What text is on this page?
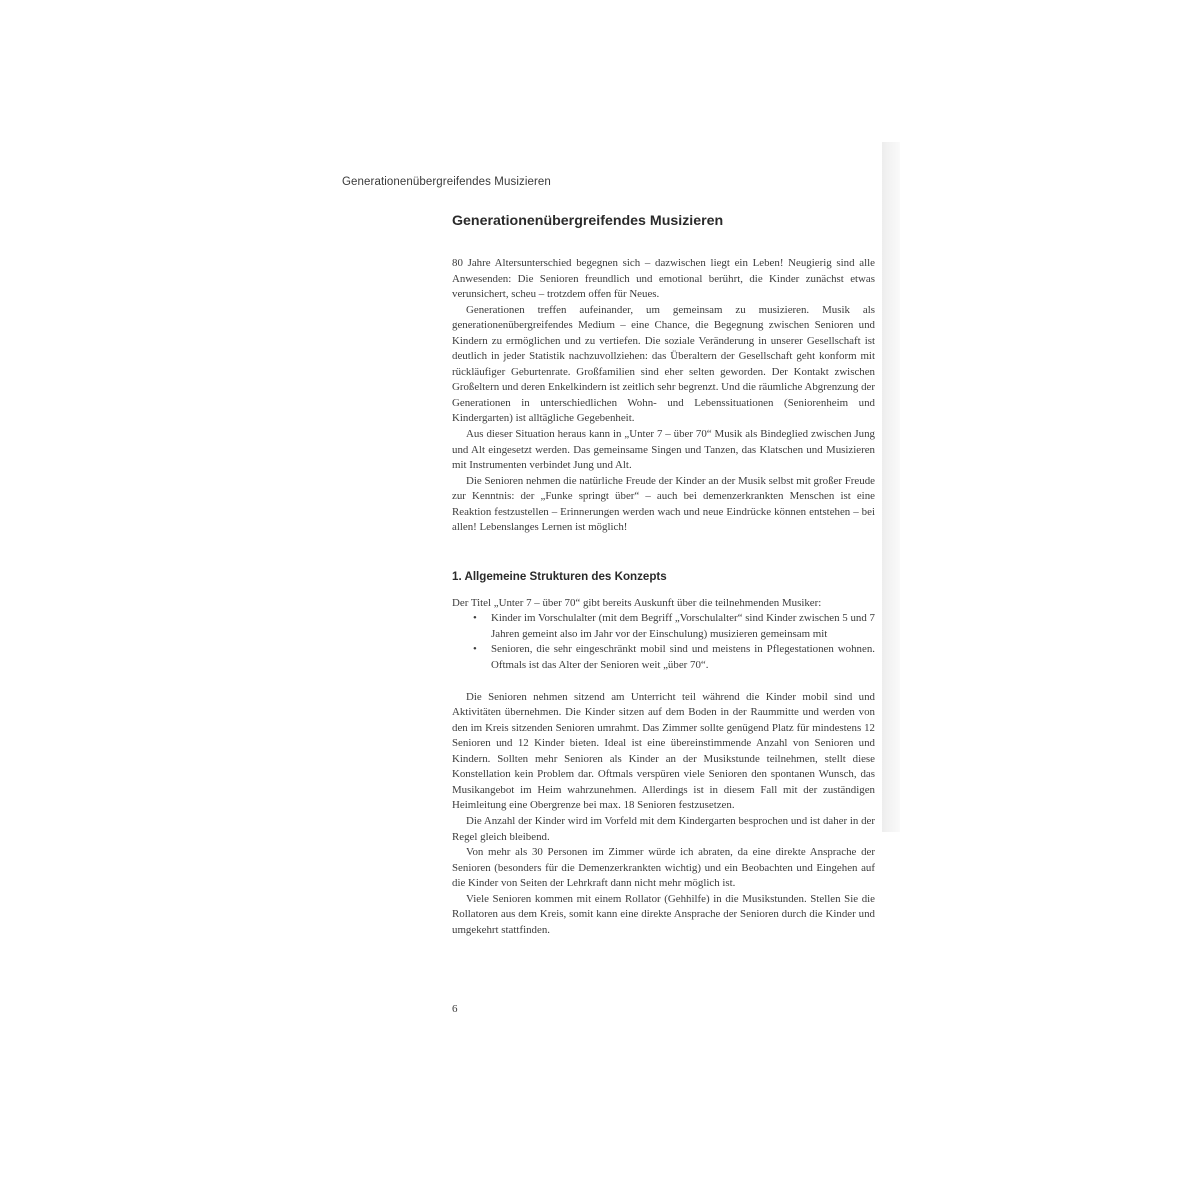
Generationenübergreifendes Musizieren
Generationenübergreifendes Musizieren

80 Jahre Altersunterschied begegnen sich – dazwischen liegt ein Leben! Neugierig sind alle Anwesenden: Die Senioren freundlich und emotional berührt, die Kinder zunächst etwas verunsichert, scheu – trotzdem offen für Neues.

Generationen treffen aufeinander, um gemeinsam zu musizieren. Musik als generationenübergreifendes Medium – eine Chance, die Begegnung zwischen Senioren und Kindern zu ermöglichen und zu vertiefen. Die soziale Veränderung in unserer Gesellschaft ist deutlich in jeder Statistik nachzuvollziehen: das Überaltern der Gesellschaft geht konform mit rückläufiger Geburtenrate. Großfamilien sind eher selten geworden. Der Kontakt zwischen Großeltern und deren Enkelkindern ist zeitlich sehr begrenzt. Und die räumliche Abgrenzung der Generationen in unterschiedlichen Wohn- und Lebenssituationen (Seniorenheim und Kindergarten) ist alltägliche Gegebenheit.

Aus dieser Situation heraus kann in „Unter 7 – über 70“ Musik als Bindeglied zwischen Jung und Alt eingesetzt werden. Das gemeinsame Singen und Tanzen, das Klatschen und Musizieren mit Instrumenten verbindet Jung und Alt.

Die Senioren nehmen die natürliche Freude der Kinder an der Musik selbst mit großer Freude zur Kenntnis: der „Funke springt über“ – auch bei demenzerkrankten Menschen ist eine Reaktion festzustellen – Erinnerungen werden wach und neue Eindrücke können entstehen – bei allen! Lebenslanges Lernen ist möglich!

1. Allgemeine Strukturen des Konzepts

Der Titel „Unter 7 – über 70“ gibt bereits Auskunft über die teilnehmenden Musiker:

• Kinder im Vorschulalter (mit dem Begriff „Vorschulalter“ sind Kinder zwischen 5 und 7 Jahren gemeint also im Jahr vor der Einschulung) musizieren gemeinsam mit
• Senioren, die sehr eingeschränkt mobil sind und meistens in Pflegestationen wohnen. Oftmals ist das Alter der Senioren weit „über 70“.

Die Senioren nehmen sitzend am Unterricht teil während die Kinder mobil sind und Aktivitäten übernehmen. Die Kinder sitzen auf dem Boden in der Raummitte und werden von den im Kreis sitzenden Senioren umrahmt. Das Zimmer sollte genügend Platz für mindestens 12 Senioren und 12 Kinder bieten. Ideal ist eine übereinstimmende Anzahl von Senioren und Kindern. Sollten mehr Senioren als Kinder an der Musikstunde teilnehmen, stellt diese Konstellation kein Problem dar. Oftmals verspüren viele Senioren den spontanen Wunsch, das Musikangebot im Heim wahrzunehmen. Allerdings ist in diesem Fall mit der zuständigen Heimleitung eine Obergrenze bei max. 18 Senioren festzusetzen.

Die Anzahl der Kinder wird im Vorfeld mit dem Kindergarten besprochen und ist daher in der Regel gleich bleibend.

Von mehr als 30 Personen im Zimmer würde ich abraten, da eine direkte Ansprache der Senioren (besonders für die Demenzerkrankten wichtig) und ein Beobachten und Eingehen auf die Kinder von Seiten der Lehrkraft dann nicht mehr möglich ist.

Viele Senioren kommen mit einem Rollator (Gehhilfe) in die Musikstunden. Stellen Sie die Rollatoren aus dem Kreis, somit kann eine direkte Ansprache der Senioren durch die Kinder und umgekehrt stattfinden.

6
